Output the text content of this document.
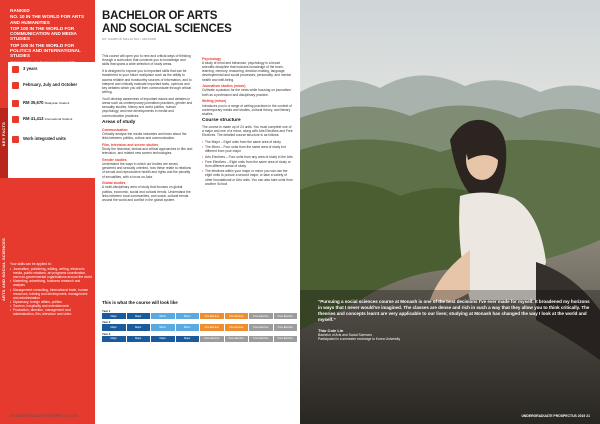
RANKED
NO. 10 IN THE WORLD FOR ARTS AND HUMANITIES
TOP 100 IN THE WORLD FOR COMMUNICATION AND MEDIA STUDIES
TOP 100 IN THE WORLD FOR POLITICS AND INTERNATIONAL STUDIES
Your skills can be applied to:
• Journalism, publishing, editing, writing, electronic media, public relations, art programs coordination, and non-governmental organisations around the world
• Marketing, advertising, business research and analysis
• Management consulting, international trade, human resources, training and development, management and administration
• Diplomacy, foreign affairs, politics
• Tourism, hospitality and entertainment
• Production, direction, management and administration, film, television and video
KEY FACTS
ARTS AND SOCIAL SCIENCES
3 years
February, July and October
RM 35,670 Malaysian Student
RM 41,413 International Student
Work integrated units
BACHELOR OF ARTS
AND SOCIAL SCIENCES
MY CAMPUS MALAYSIA • MAJORS

This course will open you to new and critical ways of thinking through a curriculum that connects you to knowledge and skills that spans a wide selection of study areas.

It is designed to expose you to important skills that can be transferred to your future workplace such as the ability to access reliable and trustworthy sources of information, and to interpret and critically evaluate important facts, opinions and key debates which you will then communicate through critical writing.

You'll develop awareness of important issues and debates in areas such as contemporary journalism practices, gender and sexuality studies, history and world politics, human psychology, and new developments in media and communication practices.

Areas of study
Communication

Critically analyse the media industries and learn about the links between politics, culture and communication.

Film, television and screen studies

Study the historical, textual and critical approaches to film and television, and related new screen technologies.

Gender studies

Understand the ways in which our bodies are sexed, gendered and sexually oriented, how these relate to relations of sexual and reproductive health and rights and the plurality of sexualities, with a focus on Asia.

Global studies

A multi-disciplinary area of study that focuses on global politics, economic, social and cultural trends. Understand the links between local communities, and social, cultural trends around the world and conflict in the global system.

Psychology

A study of mind and behaviour, psychology is a broad scientific discipline that includes knowledge of the brain, learning, memory, reasoning, decision making, language, developmental and social processes, personality, and mental health and well-being.

Journalism studies (minor)

Cultivate a passion for the news while focusing on journalism both as a profession and disciplinary practice.

Writing (minor)

Introduces you to a range of writing practices in the context of contemporary media and studies, cultural theory, and literary studies.

Course structure

The course is made up of 24 units. You must complete one of a major and one of a minor, along with Arts Electives and Free Electives. The detailed course structure is as follows:

• The Major – Eight units from the same area of study
• The Minor – Four units from the same area of study but different from your major
• Arts Electives – Four units from any area of study in the Arts
• Free Electives – Eight units from the same area of study or from different areas of study
• The electives within your major or minor you can use the eight units to pursue a second major, or take a variety of other foundational or Arts units. You can also take units from another School
This is what the course will look like
Year 1
Major	Major	Minor	Minor	Arts Elective	Arts Elective	Free Elective	Free Elective
Year 2
Major	Major	Minor	Minor	Arts Elective	Arts Elective	Free Elective	Free Elective
Year 3
Major	Major	Major	Major	Free Elective	Free Elective	Free Elective	Free Elective
20 UNDERGRADUATE PROSPECTUS 2019	UNDERGRADUATE PROSPECTUS 2019 21
“Pursuing a social sciences course at Monash is one of the best decisions I've ever made for myself. It broadened my horizons in ways that I never would've imagined. The classes are dense and rich in such a way that they allow you to think critically. The theories and concepts learnt are very applicable to our lives; studying at Monash has changed the way I look at the world and myself.”
Thio Cole Lin
Bachelor of Arts and Social Sciences
Participated in a semester exchange to Korea University
